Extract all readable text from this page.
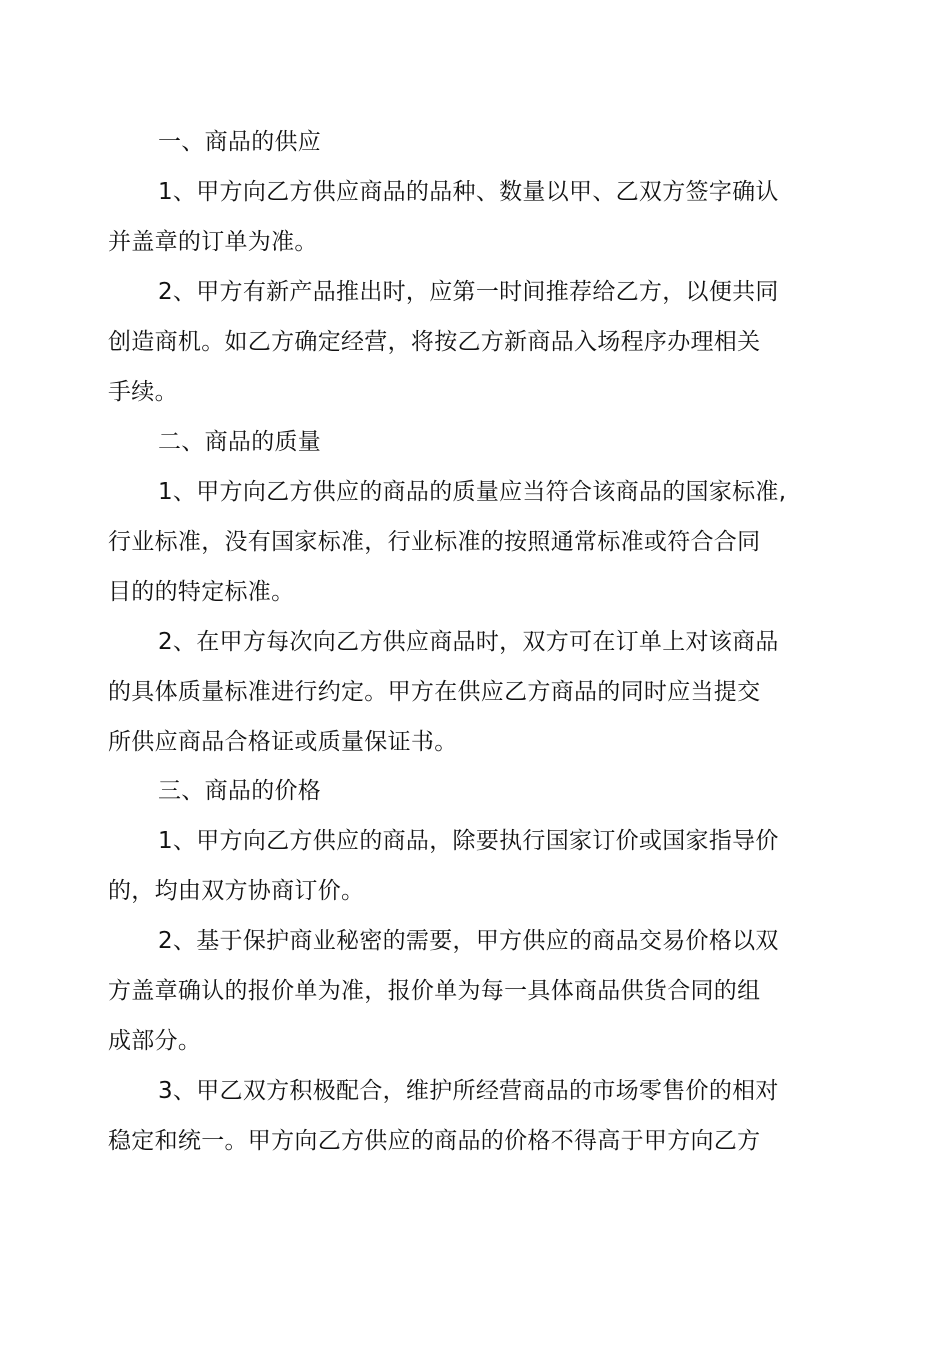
一、商品的供应
1、甲方向乙方供应商品的品种、数量以甲、乙双方签字确认
并盖章的订单为准。
2、甲方有新产品推出时，应第一时间推荐给乙方，以便共同
创造商机。如乙方确定经营，将按乙方新商品入场程序办理相关
手续。
二、商品的质量
1、甲方向乙方供应的商品的质量应当符合该商品的国家标准,
行业标准，没有国家标准，行业标准的按照通常标准或符合合同
目的的特定标准。
2、在甲方每次向乙方供应商品时，双方可在订单上对该商品
的具体质量标准进行约定。甲方在供应乙方商品的同时应当提交
所供应商品合格证或质量保证书。
三、商品的价格
1、甲方向乙方供应的商品，除要执行国家订价或国家指导价
的，均由双方协商订价。
2、基于保护商业秘密的需要，甲方供应的商品交易价格以双
方盖章确认的报价单为准，报价单为每一具体商品供货合同的组
成部分。
3、甲乙双方积极配合，维护所经营商品的市场零售价的相对
稳定和统一。甲方向乙方供应的商品的价格不得高于甲方向乙方
